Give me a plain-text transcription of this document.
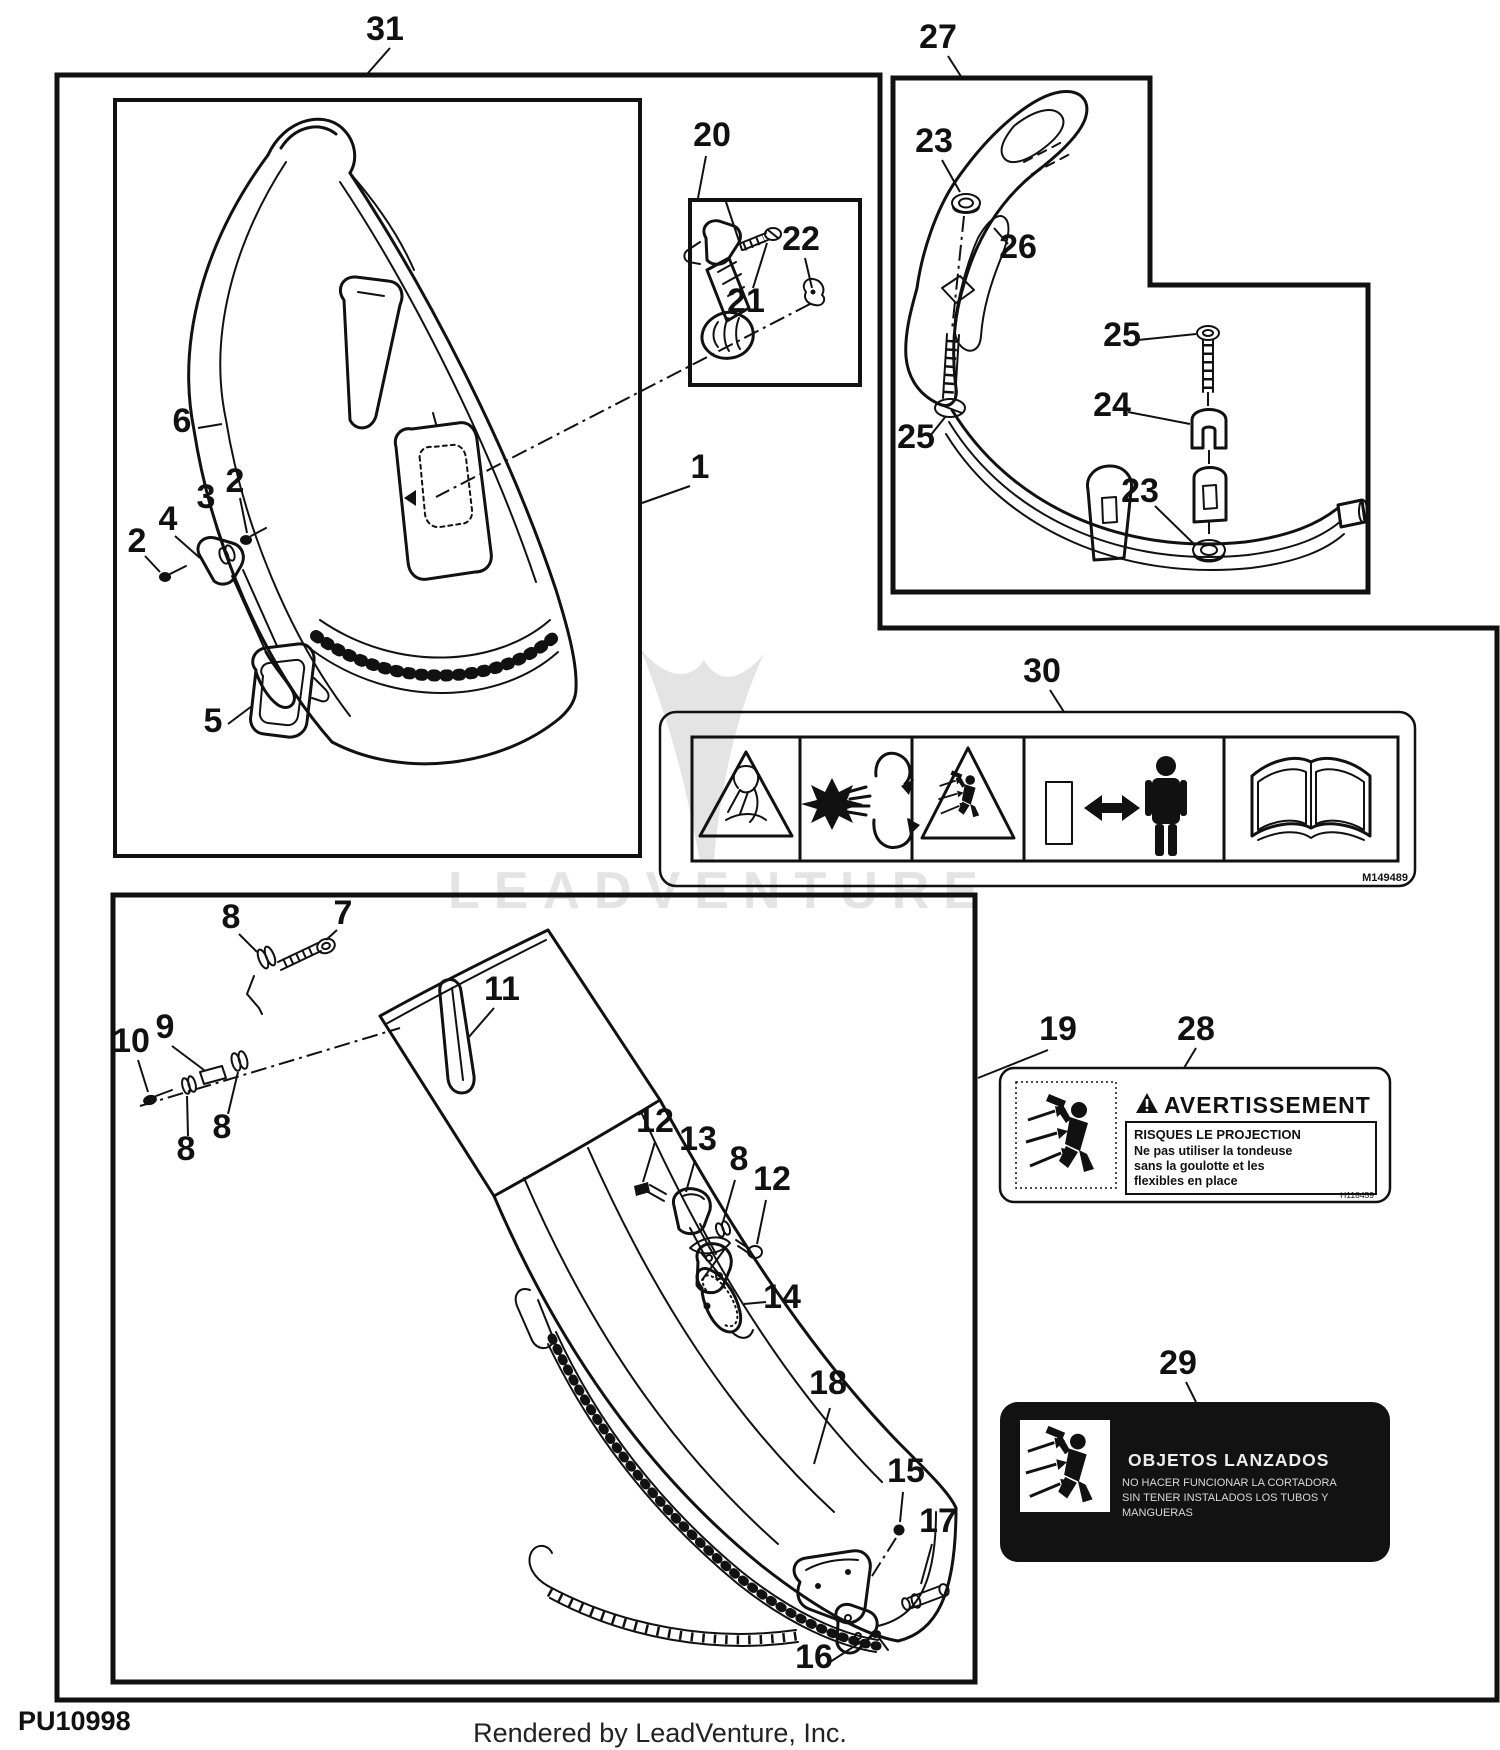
LEADVENTURE
31
6
2
4
3 2
5
20
21
22
1
27
23
25
26
25
24
23
30
M149489
19
11
8	7
10 9
8
8	12 13
8
12
14
18
15
17
16
28
AVERTISSEMENT
RISQUES LE PROJECTION
Ne pas utiliser la tondeuse
sans la goulotte et les
flexibles en place
H118459
29
OBJETOS LANZADOS
NO HACER FUNCIONAR LA CORTADORA
SIN TENER INSTALADOS LOS TUBOS Y
MANGUERAS
PU10998	Rendered by LeadVenture, Inc.
